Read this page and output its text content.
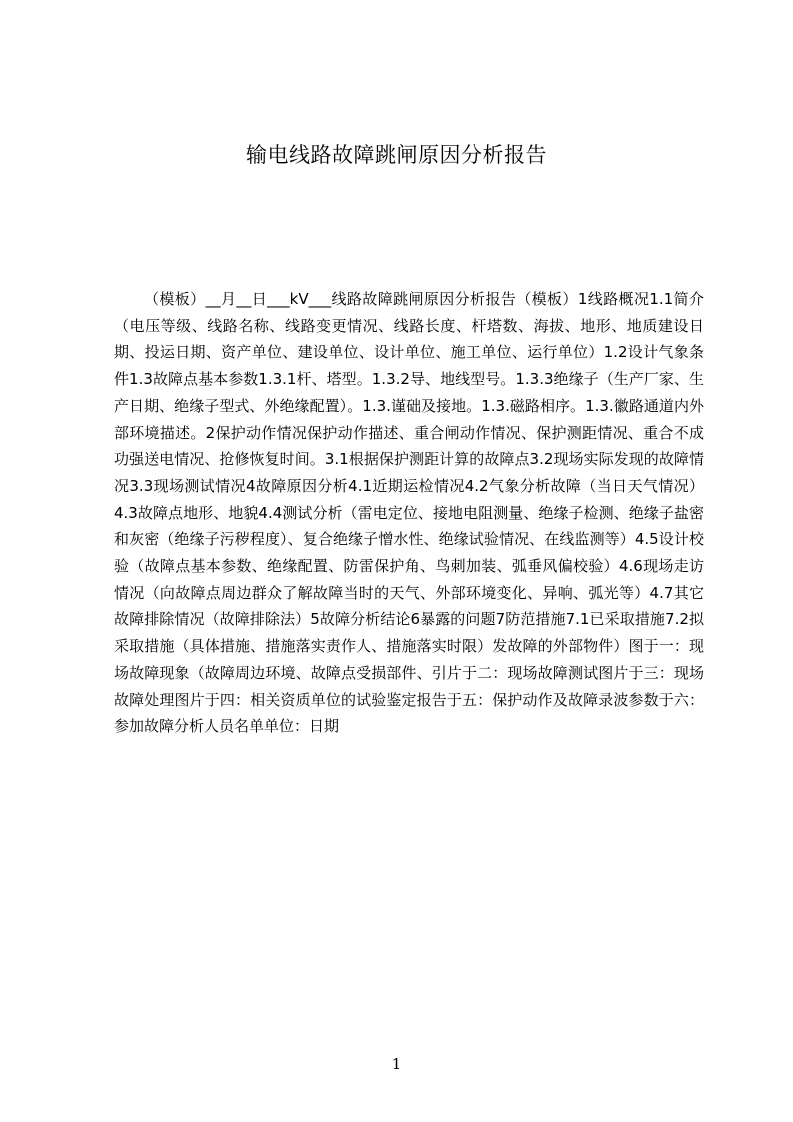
输电线路故障跳闸原因分析报告

（模板）__月__日___kV___线路故障跳闸原因分析报告（模板）1线路概况1.1简介（电压等级、线路名称、线路变更情况、线路长度、杆塔数、海拔、地形、地质建设日期、投运日期、资产单位、建设单位、设计单位、施工单位、运行单位）1.2设计气象条件1.3故障点基本参数1.3.1杆、塔型。1.3.2导、地线型号。1.3.3绝缘子（生产厂家、生产日期、绝缘子型式、外绝缘配置）。1.3.谨础及接地。1.3.磁路相序。1.3.徽路通道内外部环境描述。2保护动作情况保护动作描述、重合闸动作情况、保护测距情况、重合不成功强送电情况、抢修恢复时间。3.1根据保护测距计算的故障点3.2现场实际发现的故障情况3.3现场测试情况4故障原因分析4.1近期运检情况4.2气象分析故障（当日天气情况）4.3故障点地形、地貌4.4测试分析（雷电定位、接地电阻测量、绝缘子检测、绝缘子盐密和灰密（绝缘子污秽程度）、复合绝缘子憎水性、绝缘试验情况、在线监测等）4.5设计校验（故障点基本参数、绝缘配置、防雷保护角、鸟刺加装、弧垂风偏校验）4.6现场走访情况（向故障点周边群众了解故障当时的天气、外部环境变化、异响、弧光等）4.7其它故障排除情况（故障排除法）5故障分析结论6暴露的问题7防范措施7.1已采取措施7.2拟采取措施（具体措施、措施落实责作人、措施落实时限）发故障的外部物件）图于一：现场故障现象（故障周边环境、故障点受损部件、引片于二：现场故障测试图片于三：现场故障处理图片于四：相关资质单位的试验鉴定报告于五：保护动作及故障录波参数于六：参加故障分析人员名单单位：日期

1
